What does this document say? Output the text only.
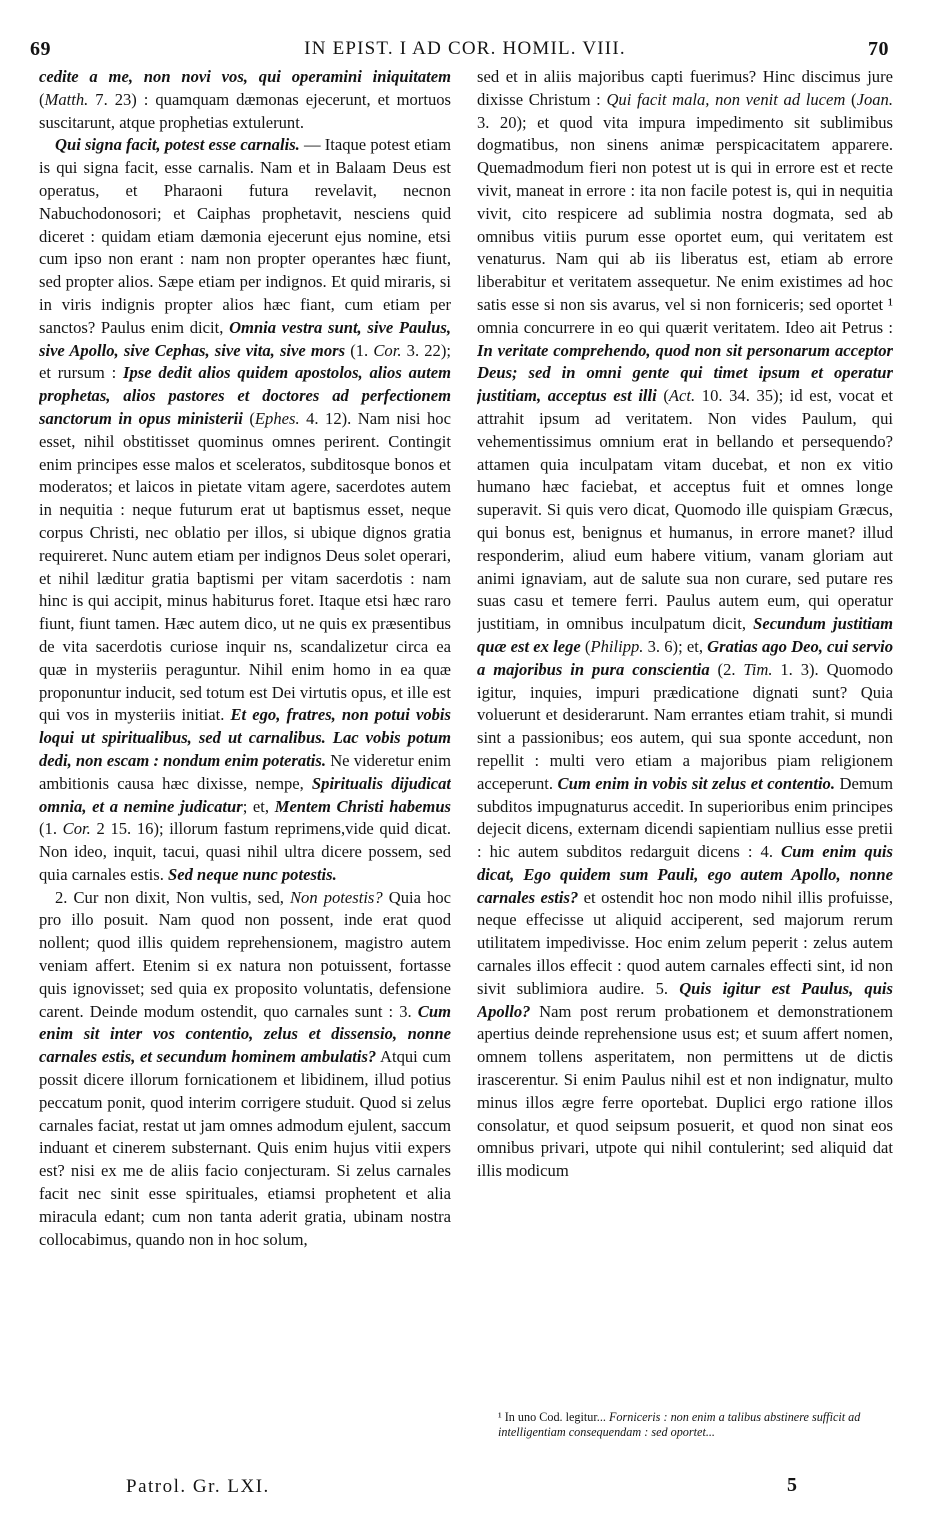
69	IN EPIST. I AD COR. HOMIL. VIII.	70

cedite a me, non novi vos, qui operamini iniquitatem (Matth. 7. 23) : quamquam dæmonas ejecerunt, et mortuos suscitarunt, atque prophetias extulerunt.

Qui signa facit, potest esse carnalis. — Itaque potest etiam is qui signa facit, esse carnalis. Nam et in Balaam Deus est operatus, et Pharaoni futura revelavit, necnon Nabuchodonosori; et Caiphas prophetavit, nesciens quid diceret : quidam etiam dæmonia ejecerunt ejus nomine, etsi cum ipso non erant : nam non propter operantes hæc fiunt, sed propter alios. Sæpe etiam per indignos. Et quid miraris, si in viris indignis propter alios hæc fiant, cum etiam per sanctos? Paulus enim dicit, Omnia vestra sunt, sive Paulus, sive Apollo, sive Cephas, sive vita, sive mors (1. Cor. 3. 22); et rursum : Ipse dedit alios quidem apostolos, alios autem prophetas, alios pastores et doctores ad perfectionem sanctorum in opus ministerii (Ephes. 4. 12). Nam nisi hoc esset, nihil obstitisset quominus omnes perirent. Contingit enim principes esse malos et sceleratos, subditosque bonos et moderatos; et laicos in pietate vitam agere, sacerdotes autem in nequitia : neque futurum erat ut baptismus esset, neque corpus Christi, nec oblatio per illos, si ubique dignos gratia requireret. Nunc autem etiam per indignos Deus solet operari, et nihil læditur gratia baptismi per vitam sacerdotis : nam hinc is qui accipit, minus habiturus foret. Itaque etsi hæc raro fiunt, fiunt tamen. Hæc autem dico, ut ne quis ex præsentibus de vita sacerdotis curiose inquir ns, scandalizetur circa ea quæ in mysteriis peraguntur. Nihil enim homo in ea quæ proponuntur inducit, sed totum est Dei virtutis opus, et ille est qui vos in mysteriis initiat. Et ego, fratres, non potui vobis loqui ut spiritualibus, sed ut carnalibus. Lac vobis potum dedi, non escam : nondum enim poteratis. Ne videretur enim ambitionis causa hæc dixisse, nempe, Spiritualis dijudicat omnia, et a nemine judicatur; et, Mentem Christi habemus (1. Cor. 2 15. 16); illorum fastum reprimens,vide quid dicat. Non ideo, inquit, tacui, quasi nihil ultra dicere possem, sed quia carnales estis. Sed neque nunc potestis.

2. Cur non dixit, Non vultis, sed, Non potestis? Quia hoc pro illo posuit. Nam quod non possent, inde erat quod nollent; quod illis quidem reprehensionem, magistro autem veniam affert. Etenim si ex natura non potuissent, fortasse quis ignovisset; sed quia ex proposito voluntatis, defensione carent. Deinde modum ostendit, quo carnales sunt : 3. Cum enim sit inter vos contentio, zelus et dissensio, nonne carnales estis, et secundum hominem ambulatis? Atqui cum possit dicere illorum fornicationem et libidinem, illud potius peccatum ponit, quod interim corrigere studuit. Quod si zelus carnales faciat, restat ut jam omnes admodum ejulent, saccum induant et cinerem substernant. Quis enim hujus vitii expers est? nisi ex me de aliis facio conjecturam. Si zelus carnales facit nec sinit esse spirituales, etiamsi prophetent et alia miracula edant; cum non tanta aderit gratia, ubinam nostra collocabimus, quando non in hoc solum,

sed et in aliis majoribus capti fuerimus? Hinc discimus jure dixisse Christum : Qui facit mala, non venit ad lucem (Joan. 3. 20); et quod vita impura impedimento sit sublimibus dogmatibus, non sinens animæ perspicacitatem apparere. Quemadmodum fieri non potest ut is qui in errore est et recte vivit, maneat in errore : ita non facile potest is, qui in nequitia vivit, cito respicere ad sublimia nostra dogmata, sed ab omnibus vitiis purum esse oportet eum, qui veritatem est venaturus. Nam qui ab iis liberatus est, etiam ab errore liberabitur et veritatem assequetur. Ne enim existimes ad hoc satis esse si non sis avarus, vel si non forniceris; sed oportet ¹ omnia concurrere in eo qui quærit veritatem. Ideo ait Petrus : In veritate comprehendo, quod non sit personarum acceptor Deus; sed in omni gente qui timet ipsum et operatur justitiam, acceptus est illi (Act. 10. 34. 35); id est, vocat et attrahit ipsum ad veritatem. Non vides Paulum, qui vehementissimus omnium erat in bellando et persequendo? attamen quia inculpatam vitam ducebat, et non ex vitio humano hæc faciebat, et acceptus fuit et omnes longe superavit. Si quis vero dicat, Quomodo ille quispiam Græcus, qui bonus est, benignus et humanus, in errore manet? illud responderim, aliud eum habere vitium, vanam gloriam aut animi ignaviam, aut de salute sua non curare, sed putare res suas casu et temere ferri. Paulus autem eum, qui operatur justitiam, in omnibus inculpatum dicit, Secundum justitiam quæ est ex lege (Philipp. 3. 6); et, Gratias ago Deo, cui servio a majoribus in pura conscientia (2. Tim. 1. 3). Quomodo igitur, inquies, impuri prædicatione dignati sunt? Quia voluerunt et desiderarunt. Nam errantes etiam trahit, si mundi sint a passionibus; eos autem, qui sua sponte accedunt, non repellit : multi vero etiam a majoribus piam religionem acceperunt. Cum enim in vobis sit zelus et contentio. Demum subditos impugnaturus accedit. In superioribus enim principes dejecit dicens, externam dicendi sapientiam nullius esse pretii : hic autem subditos redarguit dicens : 4. Cum enim quis dicat, Ego quidem sum Pauli, ego autem Apollo, nonne carnales estis? et ostendit hoc non modo nihil illis profuisse, neque effecisse ut aliquid acciperent, sed majorum rerum utilitatem impedivisse. Hoc enim zelum peperit : zelus autem carnales illos effecit : quod autem carnales effecti sint, id non sivit sublimiora audire. 5. Quis igitur est Paulus, quis Apollo? Nam post rerum probationem et demonstrationem apertius deinde reprehensione usus est; et suum affert nomen, omnem tollens asperitatem, non permittens ut de dictis irascerentur. Si enim Paulus nihil est et non indignatur, multo minus illos ægre ferre oportebat. Duplici ergo ratione illos consolatur, et quod seipsum posuerit, et quod non sinat eos omnibus privari, utpote qui nihil contulerint; sed aliquid dat illis modicum

¹ In uno Cod. legitur... Forniceris : non enim a talibus abstinere sufficit ad intelligentiam consequendam : sed oportet...
Patrol. Gr. LXI.	5
